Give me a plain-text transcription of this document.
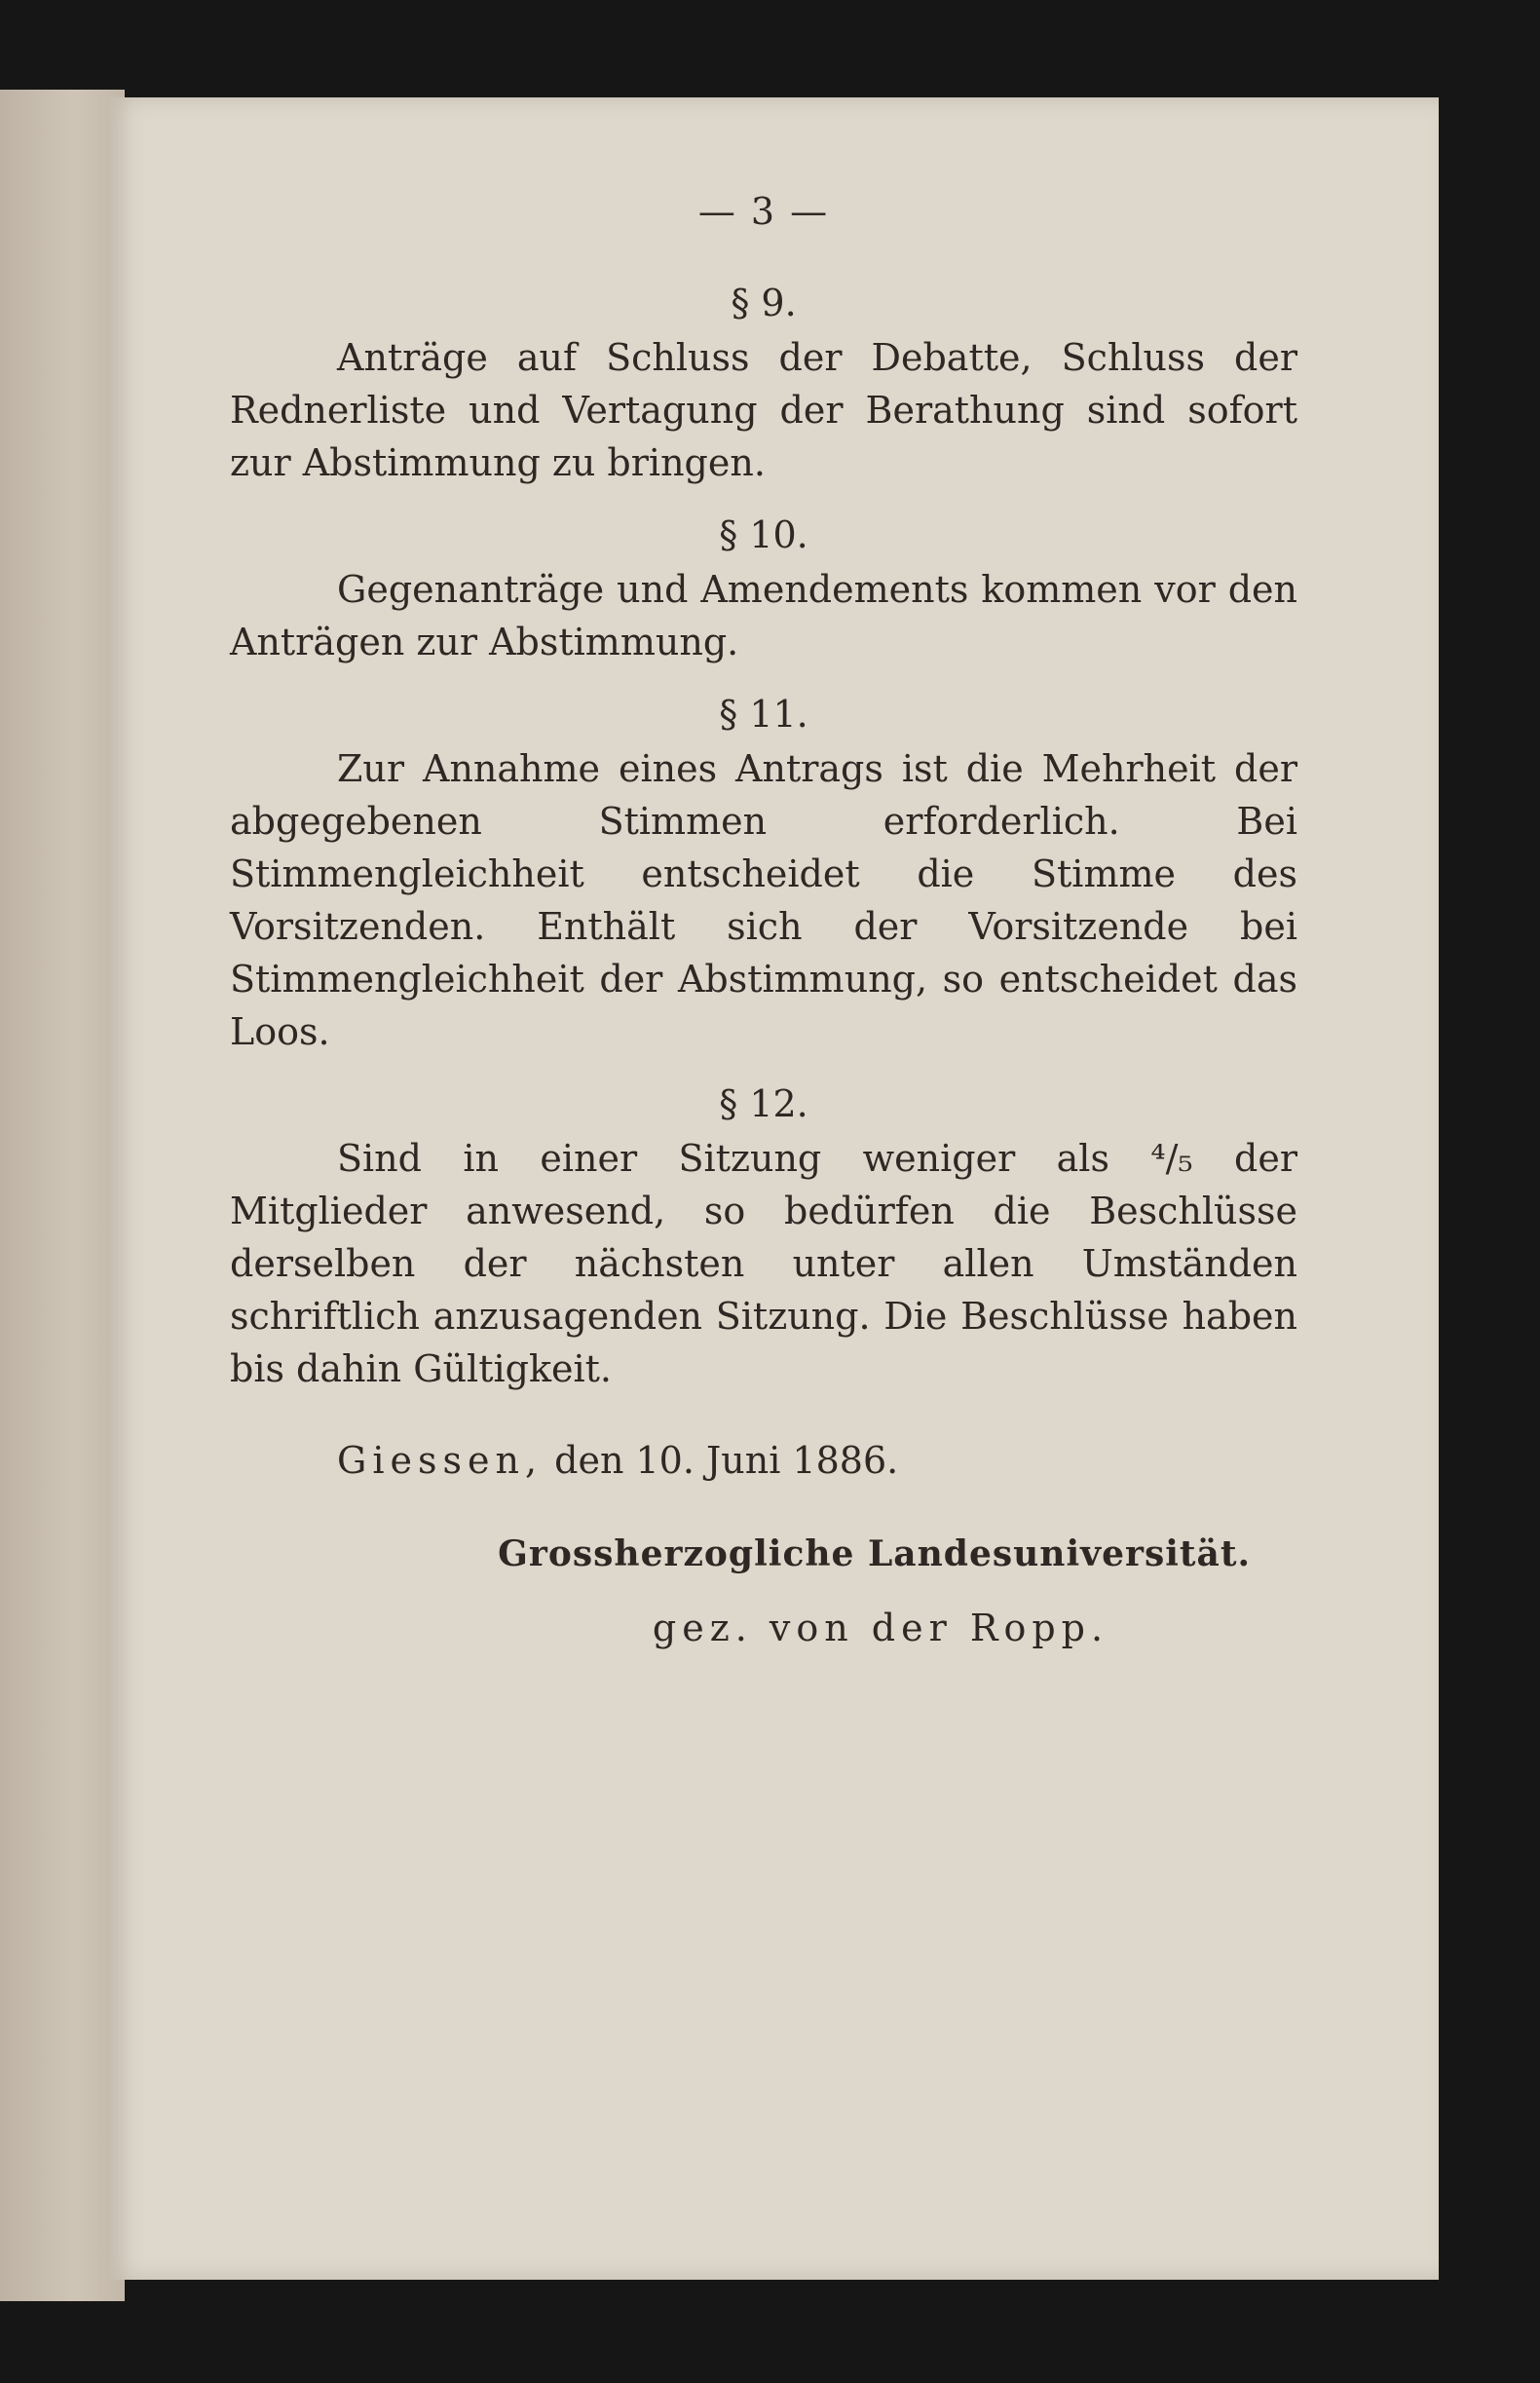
— 3 —
§ 9.

Anträge auf Schluss der Debatte, Schluss der Rednerliste und Vertagung der Berathung sind sofort zur Abstimmung zu bringen.

§ 10.

Gegenanträge und Amendements kommen vor den Anträgen zur Abstimmung.

§ 11.

Zur Annahme eines Antrags ist die Mehrheit der abgegebenen Stimmen erforderlich. Bei Stimmengleichheit entscheidet die Stimme des Vorsitzenden. Enthält sich der Vorsitzende bei Stimmengleichheit der Abstimmung, so entscheidet das Loos.

§ 12.

Sind in einer Sitzung weniger als ⁴/₅ der Mitglieder anwesend, so bedürfen die Beschlüsse derselben der nächsten unter allen Umständen schriftlich anzusagenden Sitzung. Die Beschlüsse haben bis dahin Gültigkeit.

Giessen, den 10. Juni 1886.

Grossherzogliche Landesuniversität.
gez. von der Ropp.
